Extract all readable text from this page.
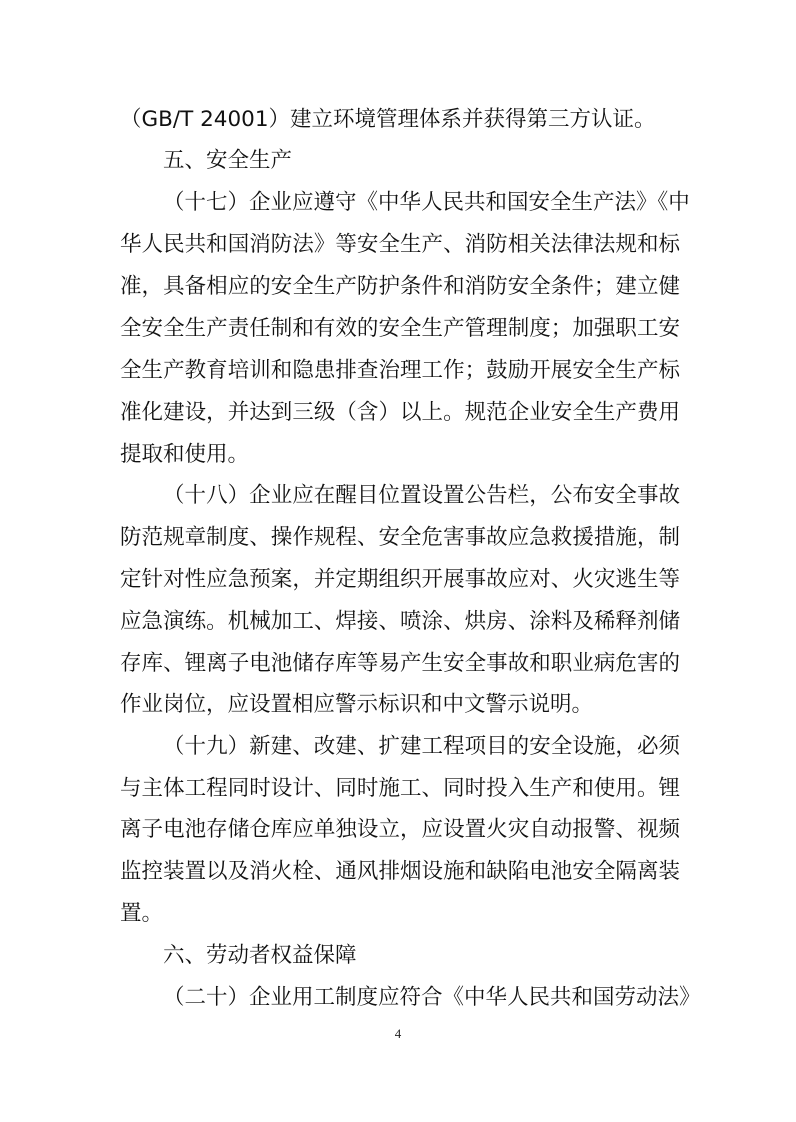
（GB/T 24001）建立环境管理体系并获得第三方认证。
五、安全生产
（十七）企业应遵守《中华人民共和国安全生产法》《中
华人民共和国消防法》等安全生产、消防相关法律法规和标
准，具备相应的安全生产防护条件和消防安全条件；建立健
全安全生产责任制和有效的安全生产管理制度；加强职工安
全生产教育培训和隐患排查治理工作；鼓励开展安全生产标
准化建设，并达到三级（含）以上。规范企业安全生产费用
提取和使用。
（十八）企业应在醒目位置设置公告栏，公布安全事故
防范规章制度、操作规程、安全危害事故应急救援措施，制
定针对性应急预案，并定期组织开展事故应对、火灾逃生等
应急演练。机械加工、焊接、喷涂、烘房、涂料及稀释剂储
存库、锂离子电池储存库等易产生安全事故和职业病危害的
作业岗位，应设置相应警示标识和中文警示说明。
（十九）新建、改建、扩建工程项目的安全设施，必须
与主体工程同时设计、同时施工、同时投入生产和使用。锂
离子电池存储仓库应单独设立，应设置火灾自动报警、视频
监控装置以及消火栓、通风排烟设施和缺陷电池安全隔离装
置。
六、劳动者权益保障
（二十）企业用工制度应符合《中华人民共和国劳动法》
4
